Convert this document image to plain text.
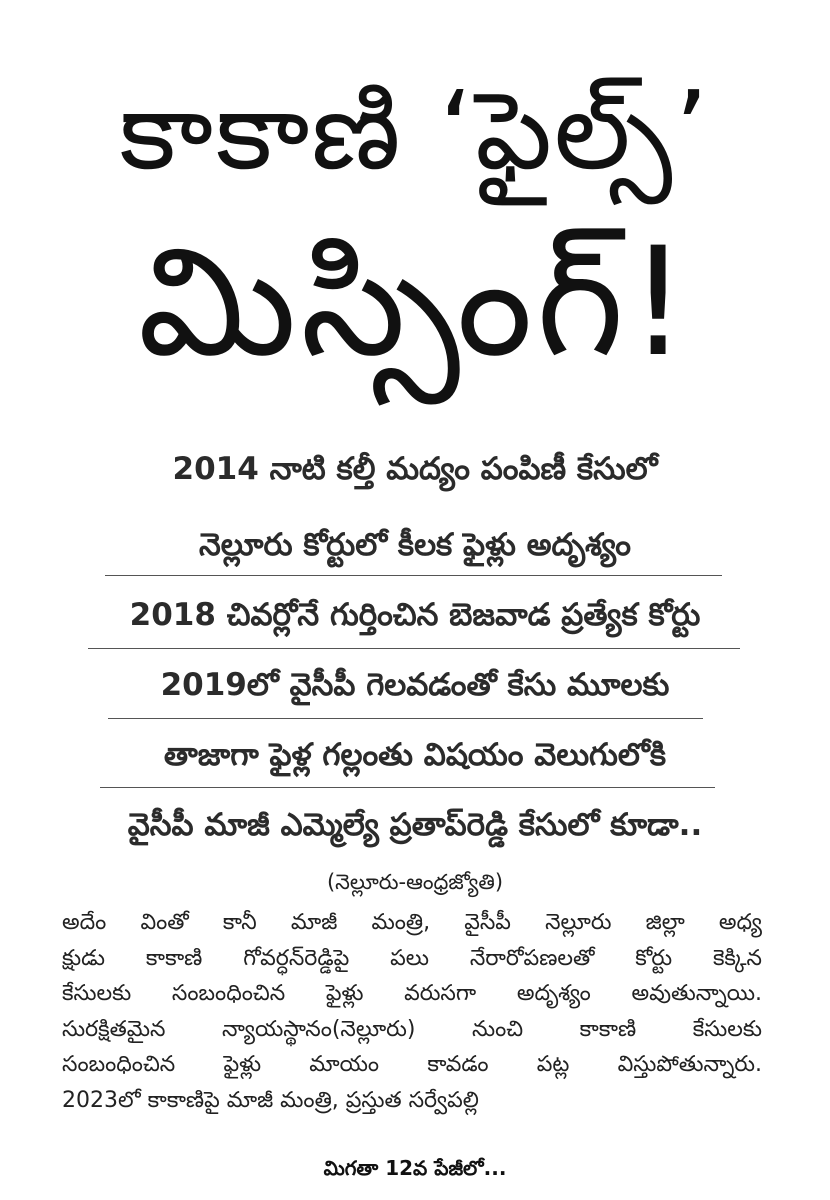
కాకాణి ‘ఫైల్స్’
మిస్సింగ్‌!
2014 నాటి కల్తీ మద్యం పంపిణీ కేసులో
నెల్లూరు కోర్టులో కీలక ఫైళ్లు అదృశ్యం
2018 చివర్లోనే గుర్తించిన బెజవాడ ప్రత్యేక కోర్టు
2019లో వైసీపీ గెలవడంతో కేసు మూలకు
తాజాగా ఫైళ్ల గల్లంతు విషయం వెలుగులోకి
వైసీపీ మాజీ ఎమ్మెల్యే ప్రతాప్‌రెడ్డి కేసులో కూడా..
(నెల్లూరు-ఆంధ్రజ్యోతి)
అదేం వింతో కానీ మాజీ మంత్రి, వైసీపీ నెల్లూరు జిల్లా అధ్య
క్షుడు కాకాణి గోవర్ధన్‌రెడ్డిపై పలు నేరారోపణలతో కోర్టు కెక్కిన
కేసులకు సంబంధించిన ఫైళ్లు వరుసగా అదృశ్యం అవుతున్నాయి.
సురక్షితమైన న్యాయస్థానం(నెల్లూరు) నుంచి కాకాణి కేసులకు
సంబంధించిన ఫైళ్లు మాయం కావడం పట్ల విస్తుపోతున్నారు.
2023లో కాకాణిపై మాజీ మంత్రి, ప్రస్తుత సర్వేపల్లి
మిగతా 12వ పేజీలో...
